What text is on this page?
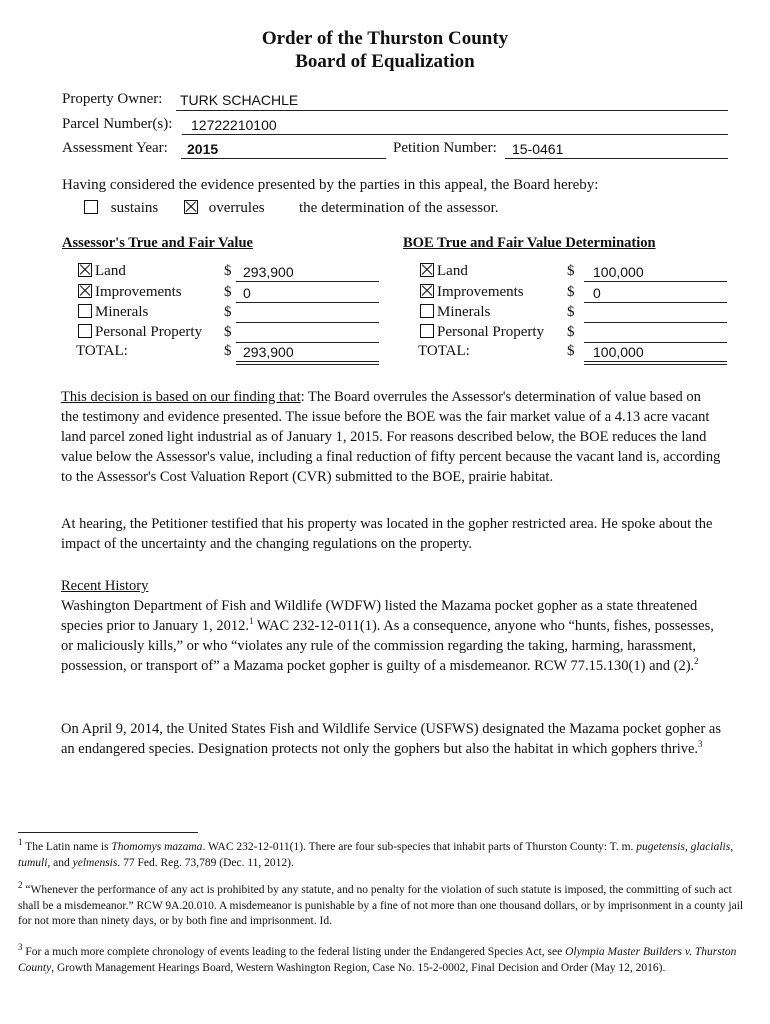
Order of the Thurston County
Board of Equalization
Property Owner: TURK SCHACHLE
Parcel Number(s): 12722210100
Assessment Year: 2015	Petition Number: 15-0461
Having considered the evidence presented by the parties in this appeal, the Board hereby:
sustains	overrules the determination of the assessor.
Assessor's True and Fair Value
Land	$ 293,900
Improvements	$ 0
Minerals	$
Personal Property $
TOTAL:	$ 293,900
BOE True and Fair Value Determination
Land	$ 100,000
Improvements	$ 0
Minerals	$
Personal Property $
TOTAL:	$ 100,000
This decision is based on our finding that: The Board overrules the Assessor's determination of value based on the testimony and evidence presented. The issue before the BOE was the fair market value of a 4.13 acre vacant land parcel zoned light industrial as of January 1, 2015. For reasons described below, the BOE reduces the land value below the Assessor's value, including a final reduction of fifty percent because the vacant land is, according to the Assessor's Cost Valuation Report (CVR) submitted to the BOE, prairie habitat.
At hearing, the Petitioner testified that his property was located in the gopher restricted area. He spoke about the impact of the uncertainty and the changing regulations on the property.
Recent History
Washington Department of Fish and Wildlife (WDFW) listed the Mazama pocket gopher as a state threatened species prior to January 1, 2012.$^1$ WAC 232-12-011(1). As a consequence, anyone who “hunts, fishes, possesses, or maliciously kills,” or who “violates any rule of the commission regarding the taking, harming, harassment, possession, or transport of” a Mazama pocket gopher is guilty of a misdemeanor. RCW 77.15.130(1) and (2).$^2$
On April 9, 2014, the United States Fish and Wildlife Service (USFWS) designated the Mazama pocket gopher as an endangered species. Designation protects not only the gophers but also the habitat in which gophers thrive.$^3$
$^1$ The Latin name is Thomomys mazama. WAC 232-12-011(1). There are four sub-species that inhabit parts of Thurston County: T. m. pugetensis, glacialis, tumuli, and yelmensis. 77 Fed. Reg. 73,789 (Dec. 11, 2012).
$^2$ “Whenever the performance of any act is prohibited by any statute, and no penalty for the violation of such statute is imposed, the committing of such act shall be a misdemeanor.” RCW 9A.20.010. A misdemeanor is punishable by a fine of not more than one thousand dollars, or by imprisonment in a county jail for not more than ninety days, or by both fine and imprisonment. Id.
$^3$ For a much more complete chronology of events leading to the federal listing under the Endangered Species Act, see Olympia Master Builders v. Thurston County, Growth Management Hearings Board, Western Washington Region, Case No. 15-2-0002, Final Decision and Order (May 12, 2016).
